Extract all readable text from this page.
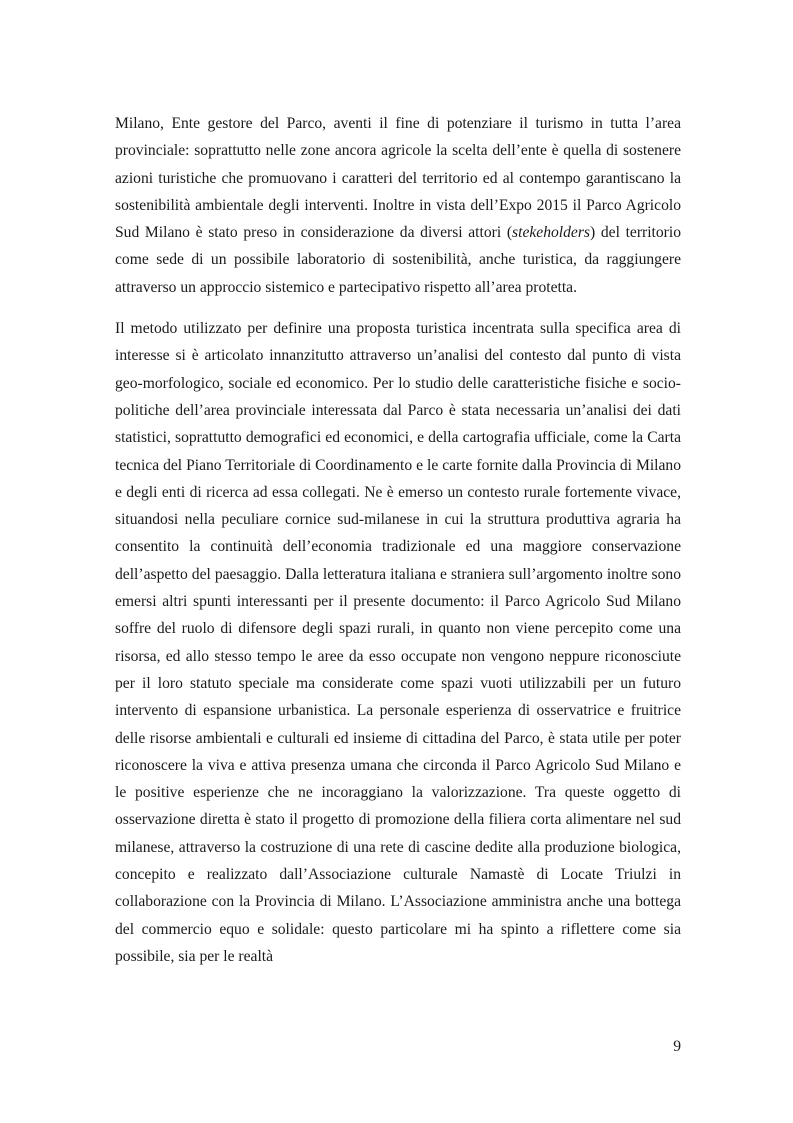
Milano, Ente gestore del Parco, aventi il fine di potenziare il turismo in tutta l’area provinciale: soprattutto nelle zone ancora agricole la scelta dell’ente è quella di sostenere azioni turistiche che promuovano i caratteri del territorio ed al contempo garantiscano la sostenibilità ambientale degli interventi. Inoltre in vista dell’Expo 2015 il Parco Agricolo Sud Milano è stato preso in considerazione da diversi attori (stekeholders) del territorio come sede di un possibile laboratorio di sostenibilità, anche turistica, da raggiungere attraverso un approccio sistemico e partecipativo rispetto all’area protetta.

Il metodo utilizzato per definire una proposta turistica incentrata sulla specifica area di interesse si è articolato innanzitutto attraverso un’analisi del contesto dal punto di vista geo-morfologico, sociale ed economico. Per lo studio delle caratteristiche fisiche e socio-politiche dell’area provinciale interessata dal Parco è stata necessaria un’analisi dei dati statistici, soprattutto demografici ed economici, e della cartografia ufficiale, come la Carta tecnica del Piano Territoriale di Coordinamento e le carte fornite dalla Provincia di Milano e degli enti di ricerca ad essa collegati. Ne è emerso un contesto rurale fortemente vivace, situandosi nella peculiare cornice sud-milanese in cui la struttura produttiva agraria ha consentito la continuità dell’economia tradizionale ed una maggiore conservazione dell’aspetto del paesaggio. Dalla letteratura italiana e straniera sull’argomento inoltre sono emersi altri spunti interessanti per il presente documento: il Parco Agricolo Sud Milano soffre del ruolo di difensore degli spazi rurali, in quanto non viene percepito come una risorsa, ed allo stesso tempo le aree da esso occupate non vengono neppure riconosciute per il loro statuto speciale ma considerate come spazi vuoti utilizzabili per un futuro intervento di espansione urbanistica. La personale esperienza di osservatrice e fruitrice delle risorse ambientali e culturali ed insieme di cittadina del Parco, è stata utile per poter riconoscere la viva e attiva presenza umana che circonda il Parco Agricolo Sud Milano e le positive esperienze che ne incoraggiano la valorizzazione. Tra queste oggetto di osservazione diretta è stato il progetto di promozione della filiera corta alimentare nel sud milanese, attraverso la costruzione di una rete di cascine dedite alla produzione biologica, concepito e realizzato dall’Associazione culturale Namastè di Locate Triulzi in collaborazione con la Provincia di Milano. L’Associazione amministra anche una bottega del commercio equo e solidale: questo particolare mi ha spinto a riflettere come sia possibile, sia per le realtà

9
